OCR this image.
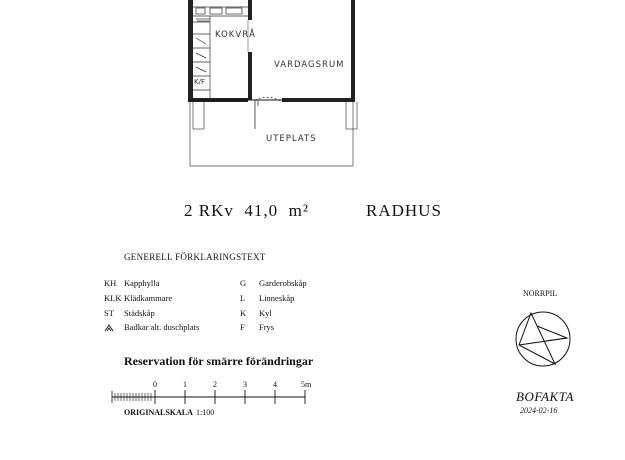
KOKVRÅ
VARDAGSRUM
UTEPLATS
K/F
2 RKv  41,0  m²	RADHUS
GENERELL FÖRKLARINGSTEXT
KH Kapphylla
KLK Klädkammare
ST Städskåp
Badkar alt. duschplats
G Garderobskåp
L Linneskåp
K Kyl
F Frys
Reservation för smärre förändringar
0	1	2	3	4	5m
ORIGINALSKALA 1:100
NORRPIL
BOFAKTA
2024-02-16
